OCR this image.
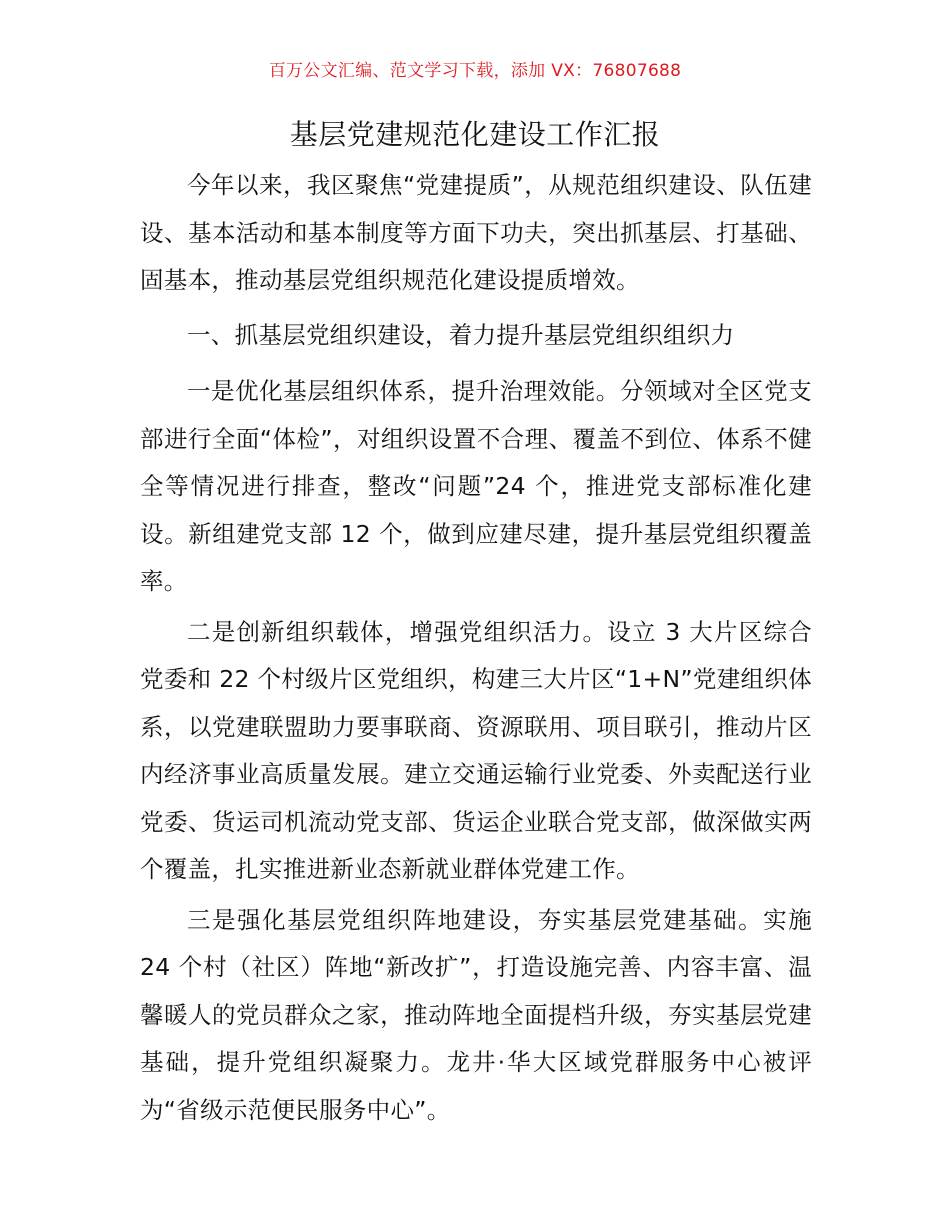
百万公文汇编、范文学习下载，添加 VX：76807688
基层党建规范化建设工作汇报

今年以来，我区聚焦“党建提质”，从规范组织建设、队伍建设、基本活动和基本制度等方面下功夫，突出抓基层、打基础、固基本，推动基层党组织规范化建设提质增效。

一、抓基层党组织建设，着力提升基层党组织组织力

一是优化基层组织体系，提升治理效能。分领域对全区党支部进行全面“体检”，对组织设置不合理、覆盖不到位、体系不健全等情况进行排查，整改“问题”24 个，推进党支部标准化建设。新组建党支部 12 个，做到应建尽建，提升基层党组织覆盖率。

二是创新组织载体，增强党组织活力。设立 3 大片区综合党委和 22 个村级片区党组织，构建三大片区“1+N”党建组织体系，以党建联盟助力要事联商、资源联用、项目联引，推动片区内经济事业高质量发展。建立交通运输行业党委、外卖配送行业党委、货运司机流动党支部、货运企业联合党支部，做深做实两个覆盖，扎实推进新业态新就业群体党建工作。

三是强化基层党组织阵地建设，夯实基层党建基础。实施 24 个村（社区）阵地“新改扩”，打造设施完善、内容丰富、温馨暖人的党员群众之家，推动阵地全面提档升级，夯实基层党建基础，提升党组织凝聚力。龙井·华大区域党群服务中心被评为“省级示范便民服务中心”。
